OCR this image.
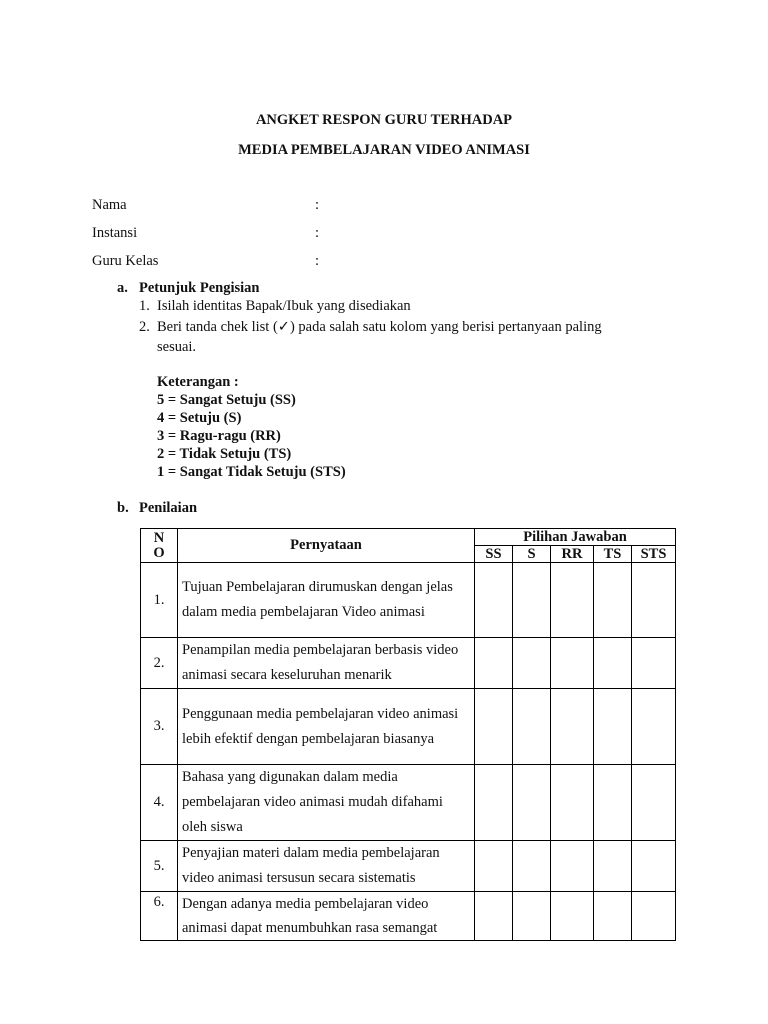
ANGKET RESPON GURU TERHADAP
MEDIA PEMBELAJARAN VIDEO ANIMASI
Nama	:
Instansi	:
Guru Kelas	:
a. Petunjuk Pengisian
1. Isilah identitas Bapak/Ibuk yang disediakan
2. Beri tanda chek list (✓) pada salah satu kolom yang berisi pertanyaan paling sesuai.
Keterangan :
5 = Sangat Setuju (SS)
4 = Setuju (S)
3 = Ragu-ragu (RR)
2 = Tidak Setuju (TS)
1 = Sangat Tidak Setuju (STS)
b. Penilaian
N
O	Pernyataan	Pilihan Jawaban				
		SS	S	RR	TS	STS
1.	Tujuan Pembelajaran dirumuskan dengan jelas dalam media pembelajaran Video animasi					
2.	Penampilan media pembelajaran berbasis video animasi secara keseluruhan menarik					
3.	Penggunaan media pembelajaran video animasi lebih efektif dengan pembelajaran biasanya					
4.	Bahasa yang digunakan dalam media pembelajaran video animasi mudah difahami oleh siswa					
5.	Penyajian materi dalam media pembelajaran video animasi tersusun secara sistematis					
6.	Dengan adanya media pembelajaran video animasi dapat menumbuhkan rasa semangat					
